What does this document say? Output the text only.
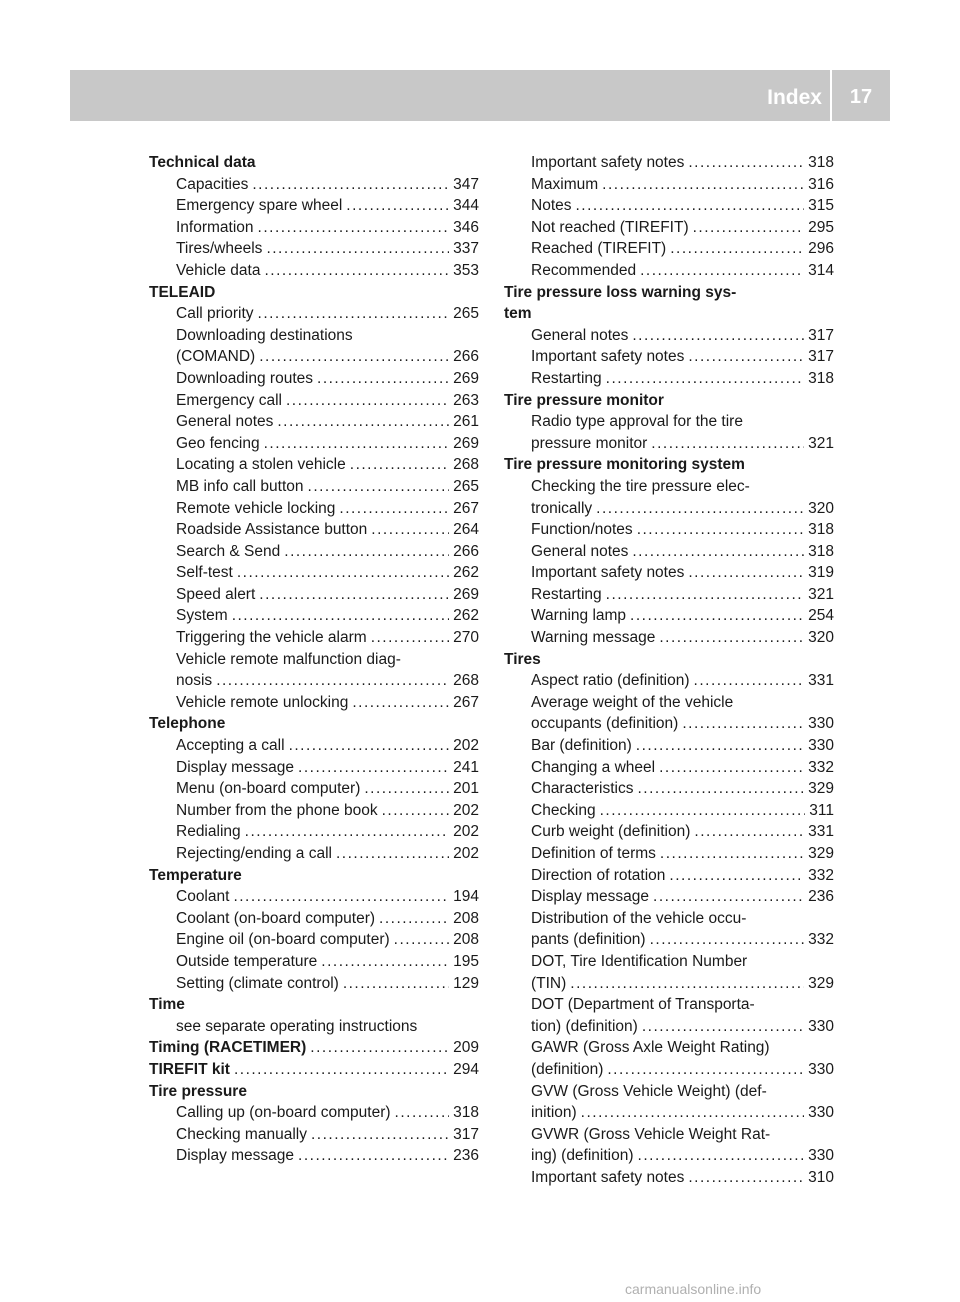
Index	17
Technical data
Capacities .....	347
Emergency spare wheel .....	344
Information .....	346
Tires/wheels .....	337
Vehicle data .....	353
TELEAID
Call priority .....	265
Downloading destinations
(COMAND) .....	266
Downloading routes .....	269
Emergency call .....	263
General notes .....	261
Geo fencing .....	269
Locating a stolen vehicle .....	268
MB info call button .....	265
Remote vehicle locking .....	267
Roadside Assistance button .....	264
Search & Send .....	266
Self-test .....	262
Speed alert .....	269
System .....	262
Triggering the vehicle alarm .....	270
Vehicle remote malfunction diag-
nosis .....	268
Vehicle remote unlocking .....	267
Telephone
Accepting a call .....	202
Display message .....	241
Menu (on-board computer) .....	201
Number from the phone book .....	202
Redialing .....	202
Rejecting/ending a call .....	202
Temperature
Coolant .....	194
Coolant (on-board computer) .....	208
Engine oil (on-board computer) .....	208
Outside temperature .....	195
Setting (climate control) .....	129
Time
see separate operating instructions
Timing (RACETIMER) .....	209
TIREFIT kit .....	294
Tire pressure
Calling up (on-board computer) .....	318
Checking manually .....	317
Display message .....	236
Important safety notes .....	318
Maximum .....	316
Notes .....	315
Not reached (TIREFIT) .....	295
Reached (TIREFIT) .....	296
Recommended .....	314
Tire pressure loss warning sys-
tem
General notes .....	317
Important safety notes .....	317
Restarting .....	318
Tire pressure monitor
Radio type approval for the tire
pressure monitor .....	321
Tire pressure monitoring system
Checking the tire pressure elec-
tronically .....	320
Function/notes .....	318
General notes .....	318
Important safety notes .....	319
Restarting .....	321
Warning lamp .....	254
Warning message .....	320
Tires
Aspect ratio (definition) .....	331
Average weight of the vehicle
occupants (definition) .....	330
Bar (definition) .....	330
Changing a wheel .....	332
Characteristics .....	329
Checking .....	311
Curb weight (definition) .....	331
Definition of terms .....	329
Direction of rotation .....	332
Display message .....	236
Distribution of the vehicle occu-
pants (definition) .....	332
DOT, Tire Identification Number
(TIN) .....	329
DOT (Department of Transporta-
tion) (definition) .....	330
GAWR (Gross Axle Weight Rating)
(definition) .....	330
GVW (Gross Vehicle Weight) (def-
inition) .....	330
GVWR (Gross Vehicle Weight Rat-
ing) (definition) .....	330
Important safety notes .....	310
carmanualsonline.info
